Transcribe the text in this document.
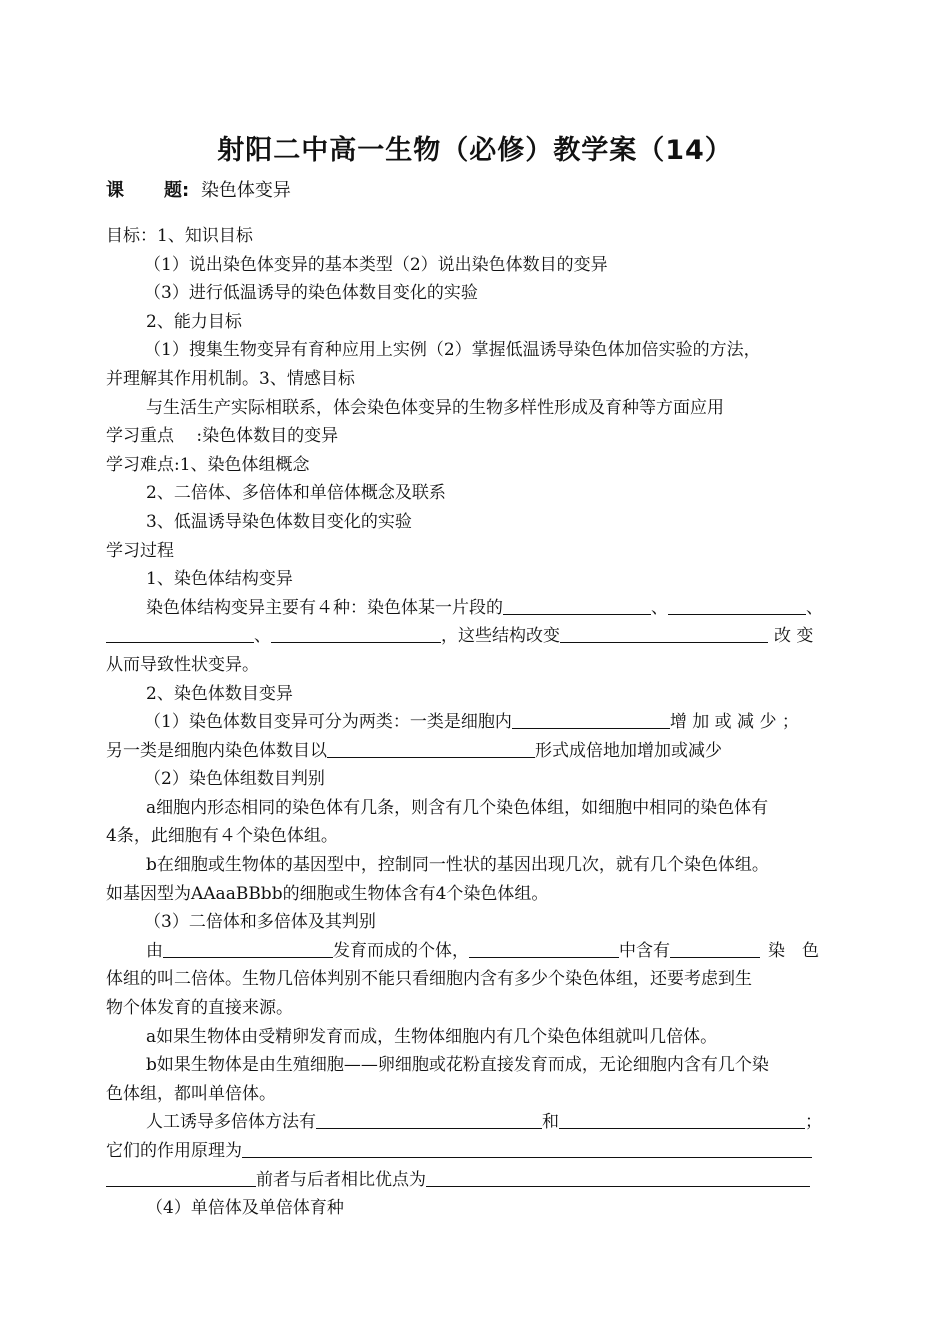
射阳二中高一生物（必修）教学案（14）
课 题: 染色体变异
目标：1、知识目标
（1）说出染色体变异的基本类型（2）说出染色体数目的变异
（3）进行低温诱导的染色体数目变化的实验
2、能力目标
（1）搜集生物变异有育种应用上实例（2）掌握低温诱导染色体加倍实验的方法，
并理解其作用机制。3、情感目标
与生活生产实际相联系，体会染色体变异的生物多样性形成及育种等方面应用
学习重点 　:染色体数目的变异
学习难点:1、染色体组概念
2、二倍体、多倍体和单倍体概念及联系
3、低温诱导染色体数目变化的实验
学习过程
1、染色体结构变异
染色体结构变异主要有４种：染色体某一片段的	、	、
、	，这些结构改变	改 变
从而导致性状变异。
2、染色体数目变异
（1）染色体数目变异可分为两类：一类是细胞内	增 加 或 减 少 ；
另一类是细胞内染色体数目以	形式成倍地加增加或减少
（2）染色体组数目判别
a细胞内形态相同的染色体有几条，则含有几个染色体组，如细胞中相同的染色体有
4条，此细胞有４个染色体组。
b在细胞或生物体的基因型中，控制同一性状的基因出现几次，就有几个染色体组。
如基因型为AAaaBBbb的细胞或生物体含有4个染色体组。
（3）二倍体和多倍体及其判别
由	发育而成的个体，	中含有	染　色
体组的叫二倍体。生物几倍体判别不能只看细胞内含有多少个染色体组，还要考虑到生
物个体发育的直接来源。
a如果生物体由受精卵发育而成，生物体细胞内有几个染色体组就叫几倍体。
b如果生物体是由生殖细胞——卵细胞或花粉直接发育而成，无论细胞内含有几个染
色体组，都叫单倍体。
人工诱导多倍体方法有	和	；
它们的作用原理为
前者与后者相比优点为
（4）单倍体及单倍体育种
